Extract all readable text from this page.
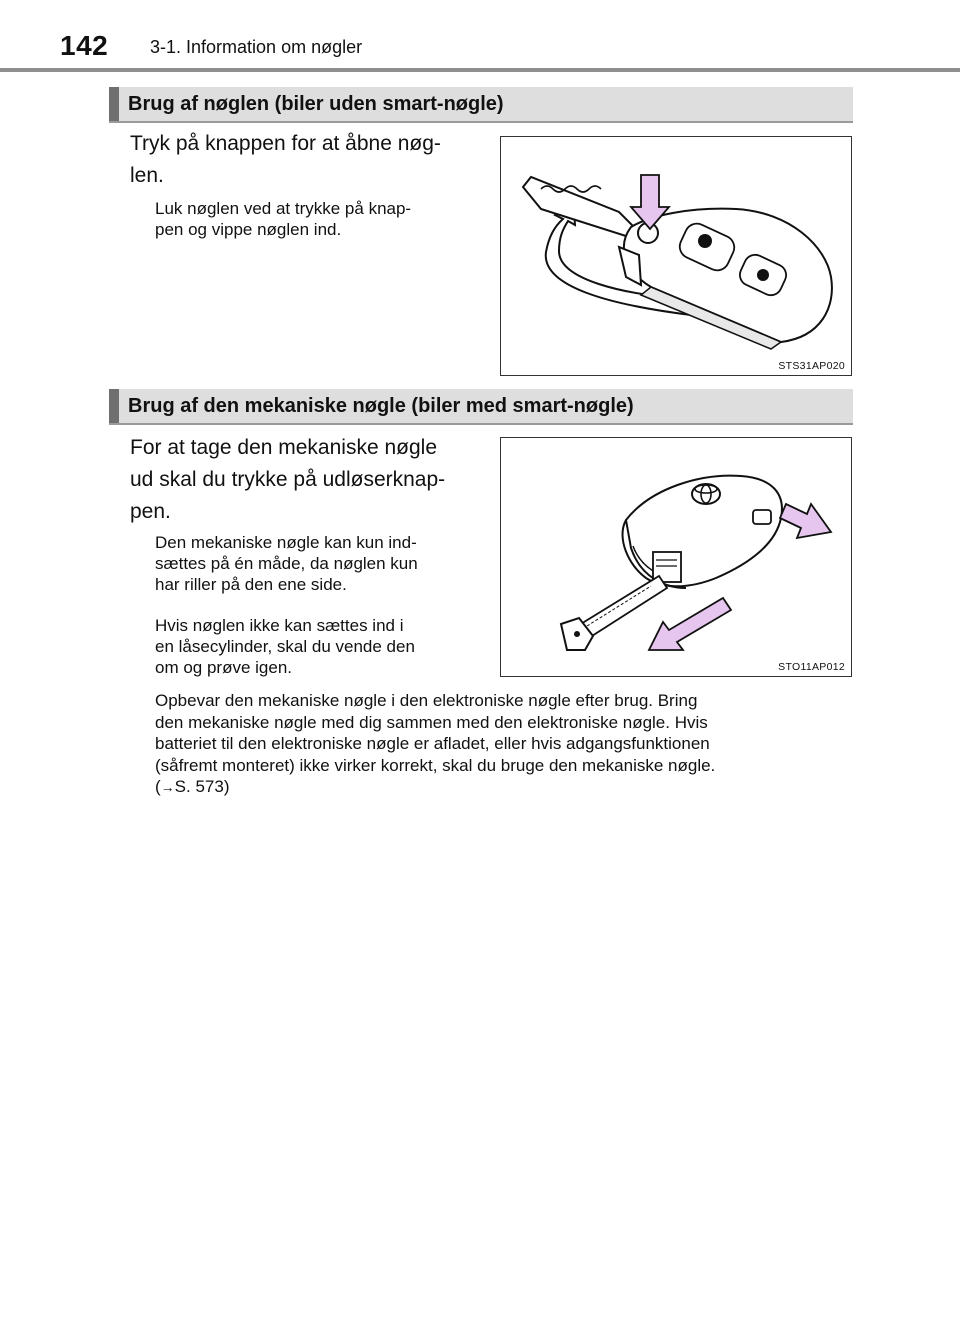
142 3-1. Information om nøgler
Brug af nøglen (biler uden smart-nøgle)
Tryk på knappen for at åbne nøg-
len.
Luk nøglen ved at trykke på knap-
pen og vippe nøglen ind.
STS31AP020
Brug af den mekaniske nøgle (biler med smart-nøgle)
For at tage den mekaniske nøgle
ud skal du trykke på udløserknap-
pen.
Den mekaniske nøgle kan kun ind-
sættes på én måde, da nøglen kun
har riller på den ene side.
Hvis nøglen ikke kan sættes ind i
en låsecylinder, skal du vende den
om og prøve igen.	STO11AP012
Opbevar den mekaniske nøgle i den elektroniske nøgle efter brug. Bring
den mekaniske nøgle med dig sammen med den elektroniske nøgle. Hvis
batteriet til den elektroniske nøgle er afladet, eller hvis adgangsfunktionen
(såfremt monteret) ikke virker korrekt, skal du bruge den mekaniske nøgle.
(→S. 573)
